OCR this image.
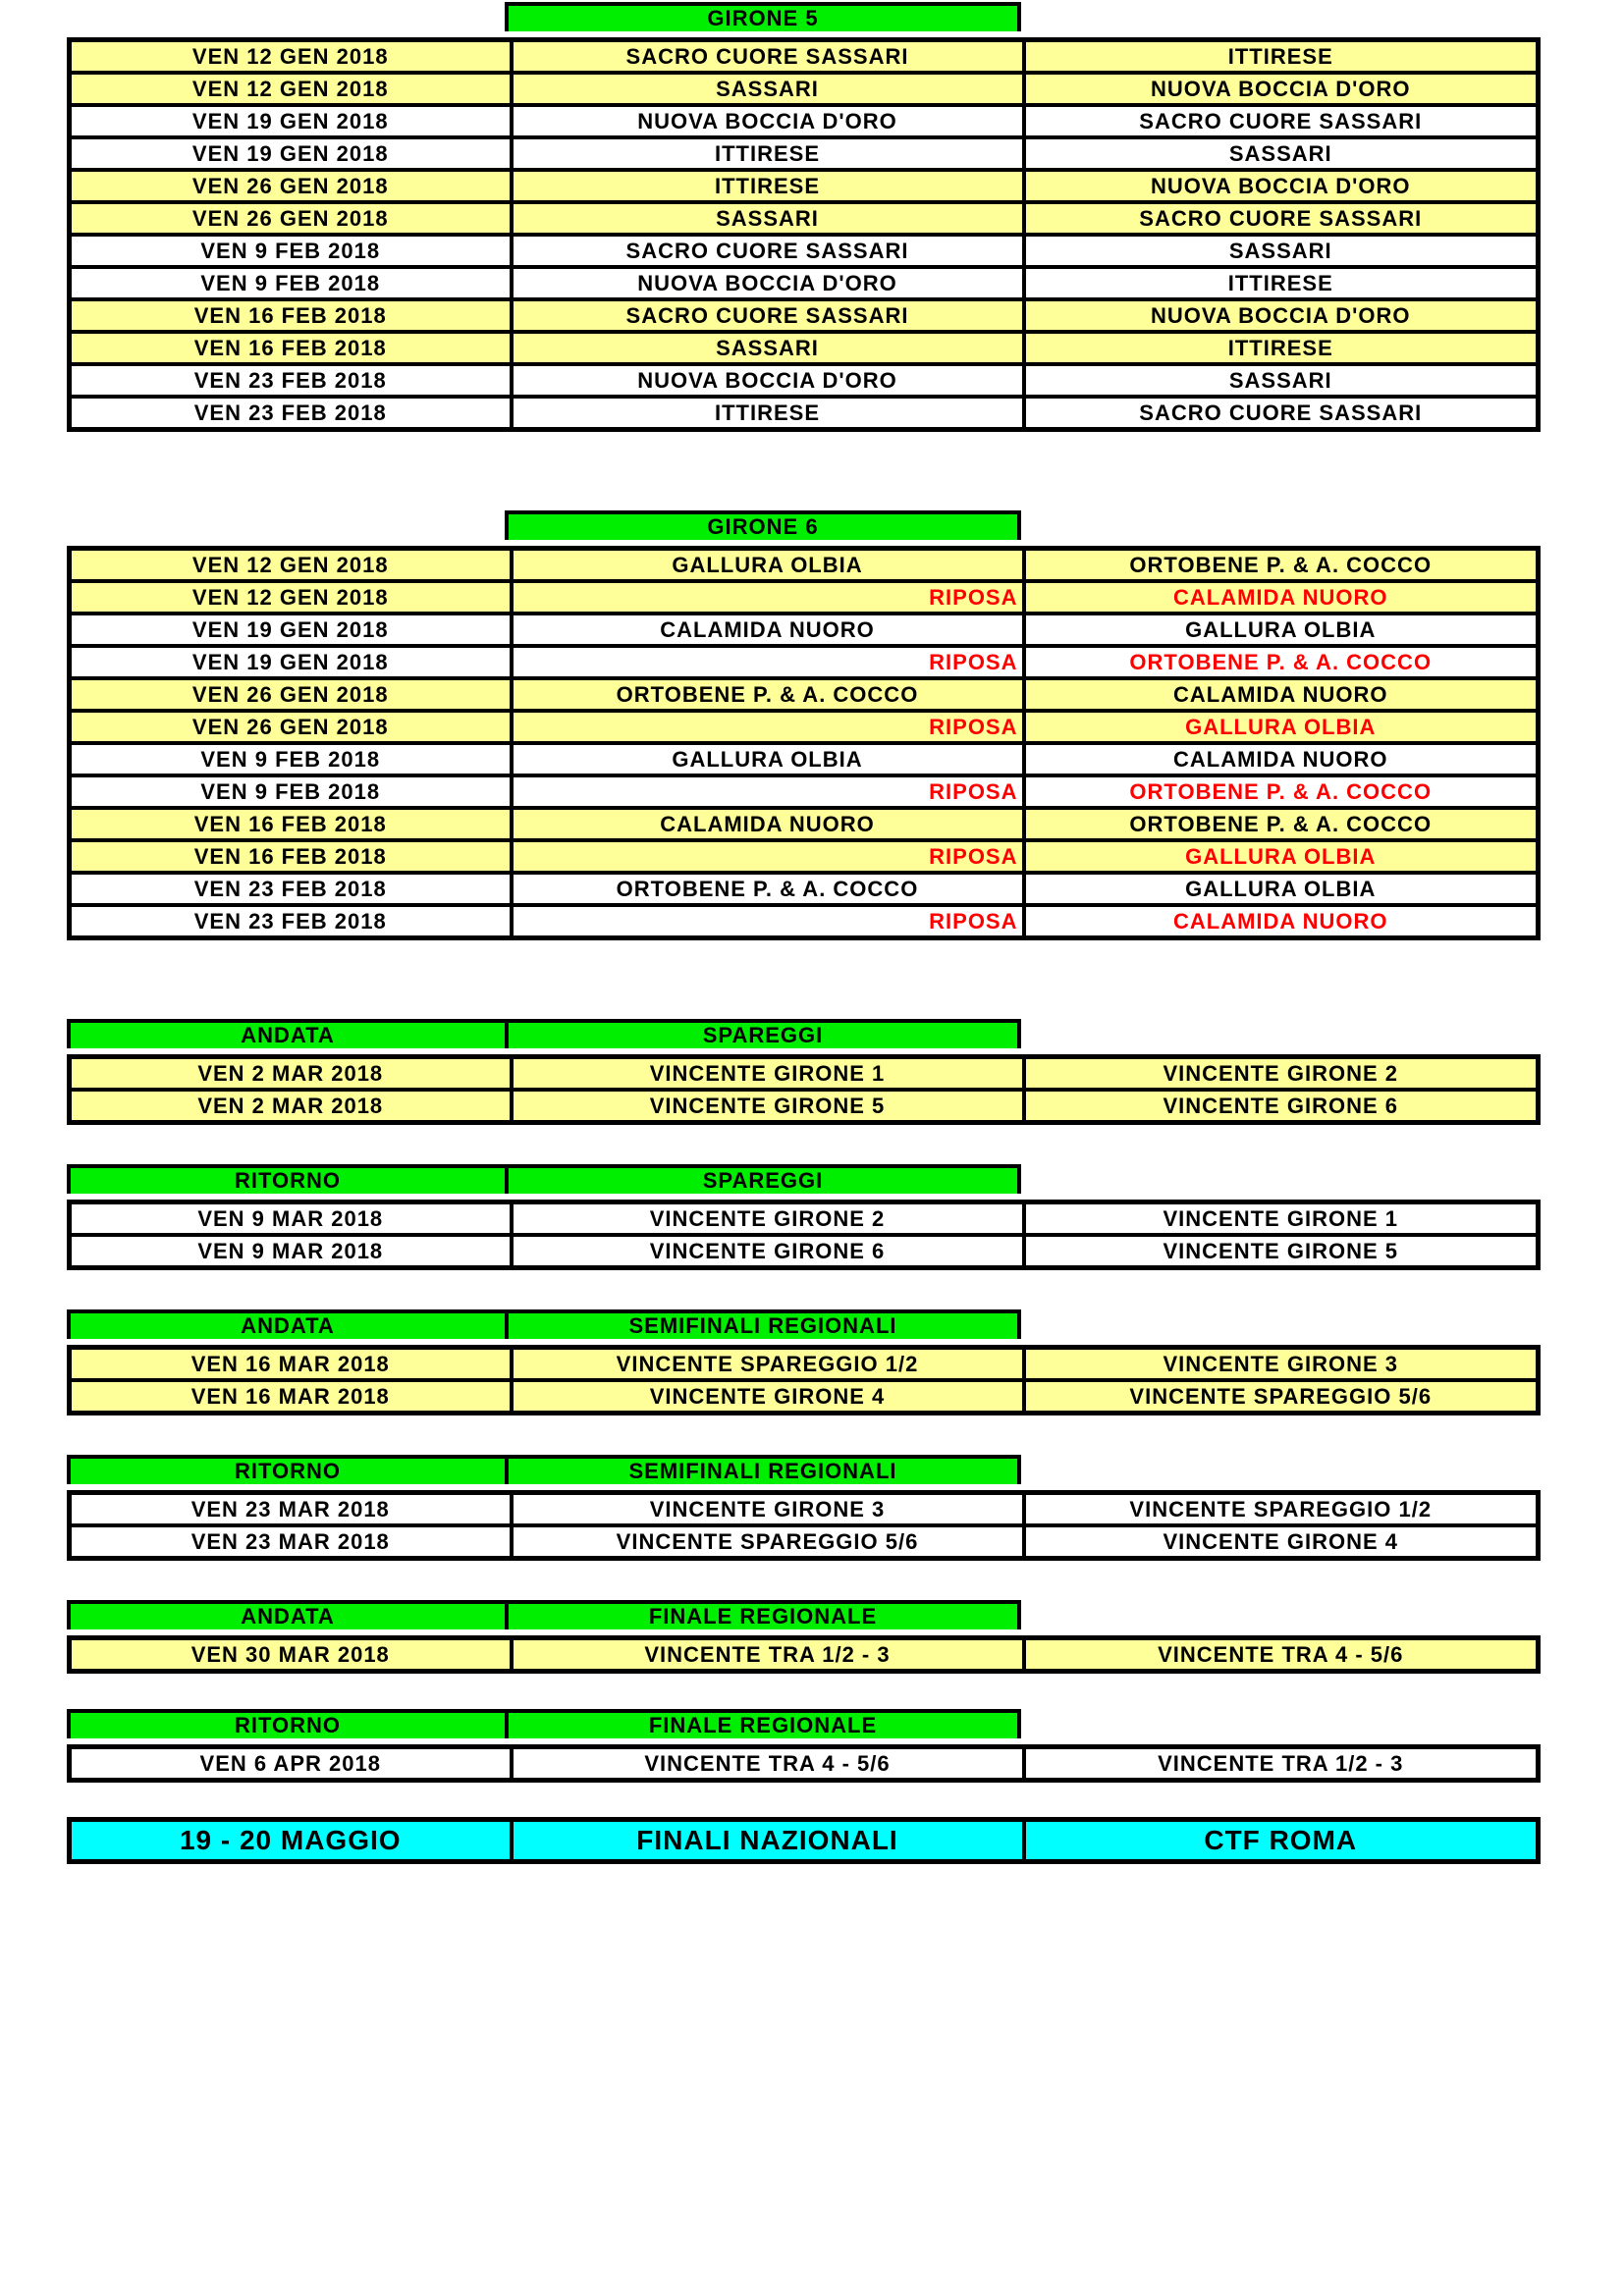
GIRONE 5
VEN 12 GEN 2018	SACRO CUORE SASSARI	ITTIRESE
VEN 12 GEN 2018	SASSARI	NUOVA BOCCIA D'ORO
VEN 19 GEN 2018	NUOVA BOCCIA D'ORO	SACRO CUORE SASSARI
VEN 19 GEN 2018	ITTIRESE	SASSARI
VEN 26 GEN 2018	ITTIRESE	NUOVA BOCCIA D'ORO
VEN 26 GEN 2018	SASSARI	SACRO CUORE SASSARI
VEN 9 FEB 2018	SACRO CUORE SASSARI	SASSARI
VEN 9 FEB 2018	NUOVA BOCCIA D'ORO	ITTIRESE
VEN 16 FEB 2018	SACRO CUORE SASSARI	NUOVA BOCCIA D'ORO
VEN 16 FEB 2018	SASSARI	ITTIRESE
VEN 23 FEB 2018	NUOVA BOCCIA D'ORO	SASSARI
VEN 23 FEB 2018	ITTIRESE	SACRO CUORE SASSARI
GIRONE 6
VEN 12 GEN 2018	GALLURA OLBIA	ORTOBENE P. & A. COCCO
VEN 12 GEN 2018	RIPOSA	CALAMIDA NUORO
VEN 19 GEN 2018	CALAMIDA NUORO	GALLURA OLBIA
VEN 19 GEN 2018	RIPOSA	ORTOBENE P. & A. COCCO
VEN 26 GEN 2018	ORTOBENE P. & A. COCCO	CALAMIDA NUORO
VEN 26 GEN 2018	RIPOSA	GALLURA OLBIA
VEN 9 FEB 2018	GALLURA OLBIA	CALAMIDA NUORO
VEN 9 FEB 2018	RIPOSA	ORTOBENE P. & A. COCCO
VEN 16 FEB 2018	CALAMIDA NUORO	ORTOBENE P. & A. COCCO
VEN 16 FEB 2018	RIPOSA	GALLURA OLBIA
VEN 23 FEB 2018	ORTOBENE P. & A. COCCO	GALLURA OLBIA
VEN 23 FEB 2018	RIPOSA	CALAMIDA NUORO
ANDATA	SPAREGGI
VEN 2 MAR 2018	VINCENTE GIRONE 1	VINCENTE GIRONE 2
VEN 2 MAR 2018	VINCENTE GIRONE 5	VINCENTE GIRONE 6
RITORNO	SPAREGGI
VEN 9 MAR 2018	VINCENTE GIRONE 2	VINCENTE GIRONE 1
VEN 9 MAR 2018	VINCENTE GIRONE 6	VINCENTE GIRONE 5
ANDATA	SEMIFINALI REGIONALI
VEN 16 MAR 2018	VINCENTE SPAREGGIO 1/2	VINCENTE GIRONE 3
VEN 16 MAR 2018	VINCENTE GIRONE 4	VINCENTE SPAREGGIO 5/6
RITORNO	SEMIFINALI REGIONALI
VEN 23 MAR 2018	VINCENTE GIRONE 3	VINCENTE SPAREGGIO 1/2
VEN 23 MAR 2018	VINCENTE SPAREGGIO 5/6	VINCENTE GIRONE 4
ANDATA	FINALE REGIONALE
VEN 30 MAR 2018	VINCENTE TRA 1/2 - 3	VINCENTE TRA 4 - 5/6
RITORNO	FINALE REGIONALE
VEN 6 APR 2018	VINCENTE TRA 4 - 5/6	VINCENTE TRA 1/2 - 3
19 - 20 MAGGIO	FINALI NAZIONALI	CTF ROMA
